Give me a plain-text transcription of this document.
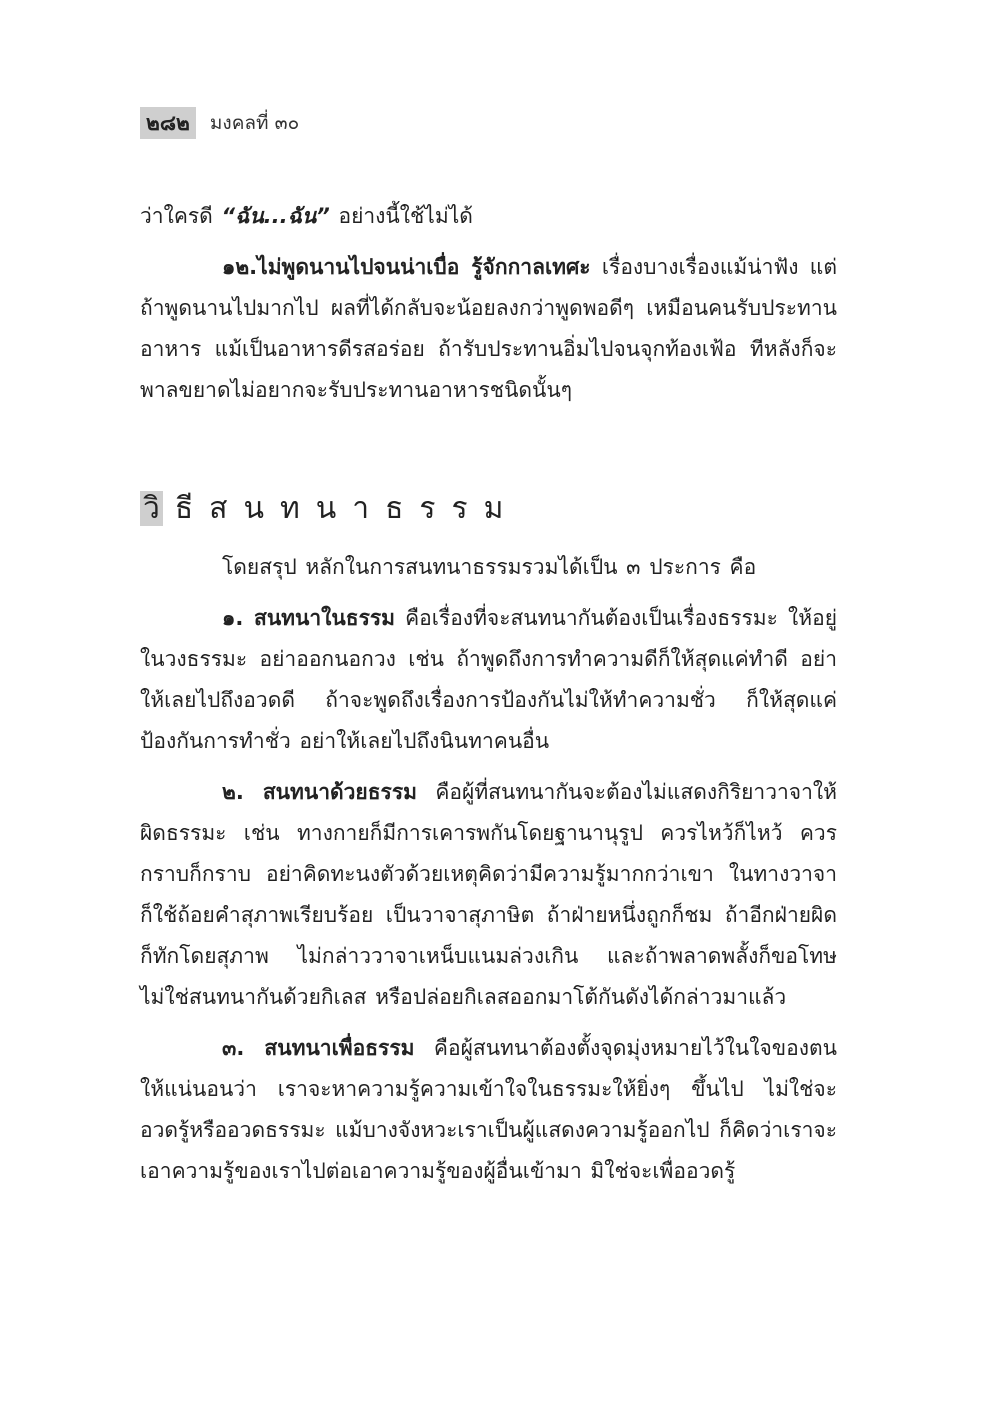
๒๘๒	มงคลที่ ๓๐

ว่าใครดี “ฉัน...ฉัน” อย่างนี้ใช้ไม่ได้

๑๒.ไม่พูดนานไปจนน่าเบื่อ รู้จักกาลเทศะ เรื่องบางเรื่องแม้น่าฟัง แต่ถ้าพูดนานไปมากไป ผลที่ได้กลับจะน้อยลงกว่าพูดพอดีๆ เหมือนคนรับประทานอาหาร แม้เป็นอาหารดีรสอร่อย ถ้ารับประทานอิ่มไปจนจุกท้องเฟ้อ ทีหลังก็จะพาลขยาดไม่อยากจะรับประทานอาหารชนิดนั้นๆ

วิ ธีสนทนาธรรม

โดยสรุป หลักในการสนทนาธรรมรวมได้เป็น ๓ ประการ คือ

๑. สนทนาในธรรม คือเรื่องที่จะสนทนากันต้องเป็นเรื่องธรรมะ ให้อยู่ในวงธรรมะ อย่าออกนอกวง เช่น ถ้าพูดถึงการทำความดีก็ให้สุดแค่ทำดี อย่าให้เลยไปถึงอวดดี ถ้าจะพูดถึงเรื่องการป้องกันไม่ให้ทำความชั่ว ก็ให้สุดแค่ป้องกันการทำชั่ว อย่าให้เลยไปถึงนินทาคนอื่น

๒. สนทนาด้วยธรรม คือผู้ที่สนทนากันจะต้องไม่แสดงกิริยาวาจาให้ผิดธรรมะ เช่น ทางกายก็มีการเคารพกันโดยฐานานุรูป ควรไหว้ก็ไหว้ ควรกราบก็กราบ อย่าคิดทะนงตัวด้วยเหตุคิดว่ามีความรู้มากกว่าเขา ในทางวาจา ก็ใช้ถ้อยคำสุภาพเรียบร้อย เป็นวาจาสุภาษิต ถ้าฝ่ายหนึ่งถูกก็ชม ถ้าอีกฝ่ายผิดก็ทักโดยสุภาพ ไม่กล่าววาจาเหน็บแนมล่วงเกิน และถ้าพลาดพลั้งก็ขอโทษ ไม่ใช่สนทนากันด้วยกิเลส หรือปล่อยกิเลสออกมาโต้กันดังได้กล่าวมาแล้ว

๓. สนทนาเพื่อธรรม คือผู้สนทนาต้องตั้งจุดมุ่งหมายไว้ในใจของตน ให้แน่นอนว่า เราจะหาความรู้ความเข้าใจในธรรมะให้ยิ่งๆ ขึ้นไป ไม่ใช่จะอวดรู้หรืออวดธรรมะ แม้บางจังหวะเราเป็นผู้แสดงความรู้ออกไป ก็คิดว่าเราจะเอาความรู้ของเราไปต่อเอาความรู้ของผู้อื่นเข้ามา มิใช่จะเพื่ออวดรู้
